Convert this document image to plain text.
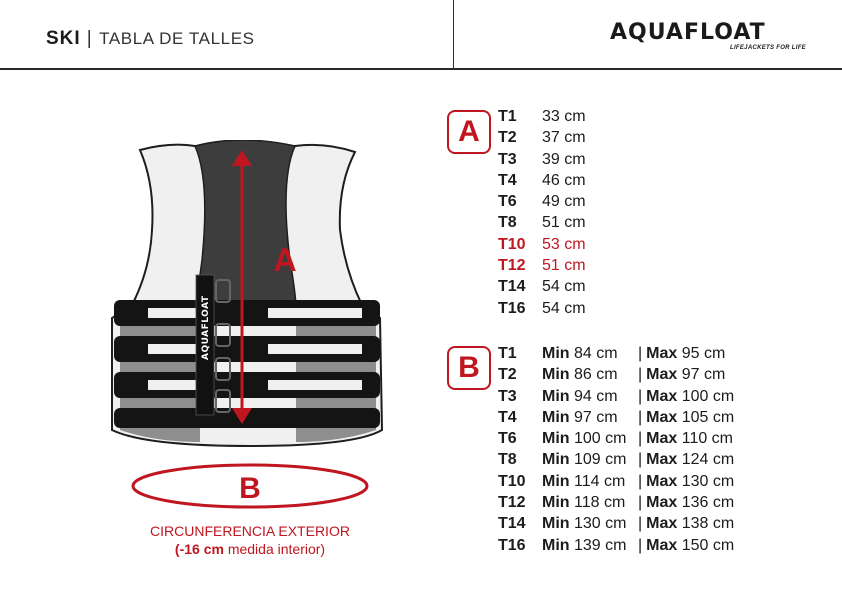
SKI | TABLA DE TALLES	AQUAFLOAT
LIFEJACKETS FOR LIFE
AQUAFLOAT
A
B
CIRCUNFERENCIA EXTERIOR
(-16 cm medida interior)
A	T1 33 cm
T2 37 cm
T3 39 cm
T4 46 cm
T6 49 cm
T8 51 cm
T10 53 cm
T12 51 cm
T14 54 cm
T16 54 cm
B	T1 Min 84 cm | Max 95 cm
T2 Min 86 cm | Max 97 cm
T3 Min 94 cm | Max 100 cm
T4 Min 97 cm | Max 105 cm
T6 Min 100 cm | Max 110 cm
T8 Min 109 cm | Max 124 cm
T10 Min 114 cm | Max 130 cm
T12 Min 118 cm | Max 136 cm
T14 Min 130 cm | Max 138 cm
T16 Min 139 cm | Max 150 cm
